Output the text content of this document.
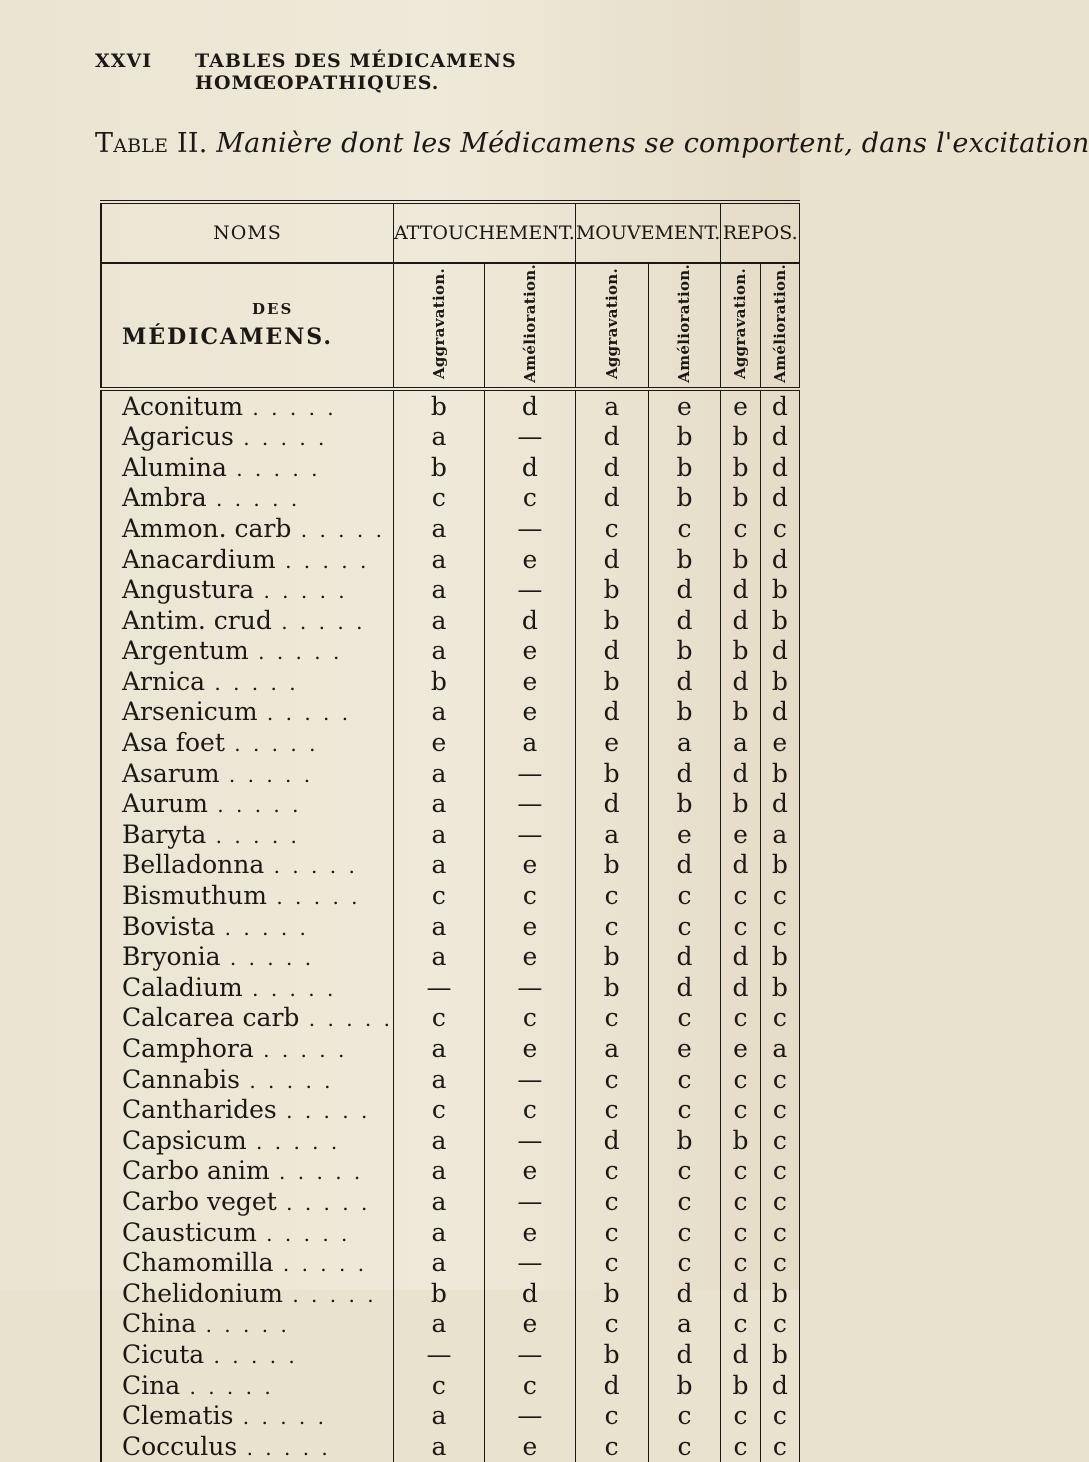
XXVI	TABLES DES MÉDICAMENS HOMŒOPATHIQUES.
Table II. Manière dont les Médicamens se comportent, dans l'excitation
NOMS	ATTOUCHEMENT.		MOUVEMENT.		REPOS.	

DES
MÉDICAMENS.	Aggravation.	Amélioration.	Aggravation.	Amélioration.	Aggravation.	Amélioration.
Aconitum . . . . .	b	d	a	e	e	d
Agaricus . . . . .	a	—	d	b	b	d
Alumina . . . . .	b	d	d	b	b	d
Ambra . . . . .	c	c	d	b	b	d
Ammon. carb . . . . .	a	—	c	c	c	c
Anacardium . . . . .	a	e	d	b	b	d
Angustura . . . . .	a	—	b	d	d	b
Antim. crud . . . . .	a	d	b	d	d	b
Argentum . . . . .	a	e	d	b	b	d
Arnica . . . . .	b	e	b	d	d	b
Arsenicum . . . . .	a	e	d	b	b	d
Asa foet . . . . .	e	a	e	a	a	e
Asarum . . . . .	a	—	b	d	d	b
Aurum . . . . .	a	—	d	b	b	d
Baryta . . . . .	a	—	a	e	e	a
Belladonna . . . . .	a	e	b	d	d	b
Bismuthum . . . . .	c	c	c	c	c	c
Bovista . . . . .	a	e	c	c	c	c
Bryonia . . . . .	a	e	b	d	d	b
Caladium . . . . .	—	—	b	d	d	b
Calcarea carb . . . . .	c	c	c	c	c	c
Camphora . . . . .	a	e	a	e	e	a
Cannabis . . . . .	a	—	c	c	c	c
Cantharides . . . . .	c	c	c	c	c	c
Capsicum . . . . .	a	—	d	b	b	c
Carbo anim . . . . .	a	e	c	c	c	c
Carbo veget . . . . .	a	—	c	c	c	c
Causticum . . . . .	a	e	c	c	c	c
Chamomilla . . . . .	a	—	c	c	c	c
Chelidonium . . . . .	b	d	b	d	d	b
China . . . . .	a	e	c	a	c	c
Cicuta . . . . .	—	—	b	d	d	b
Cina . . . . .	c	c	d	b	b	d
Clematis . . . . .	a	—	c	c	c	c
Cocculus . . . . .	a	e	c	c	c	c
